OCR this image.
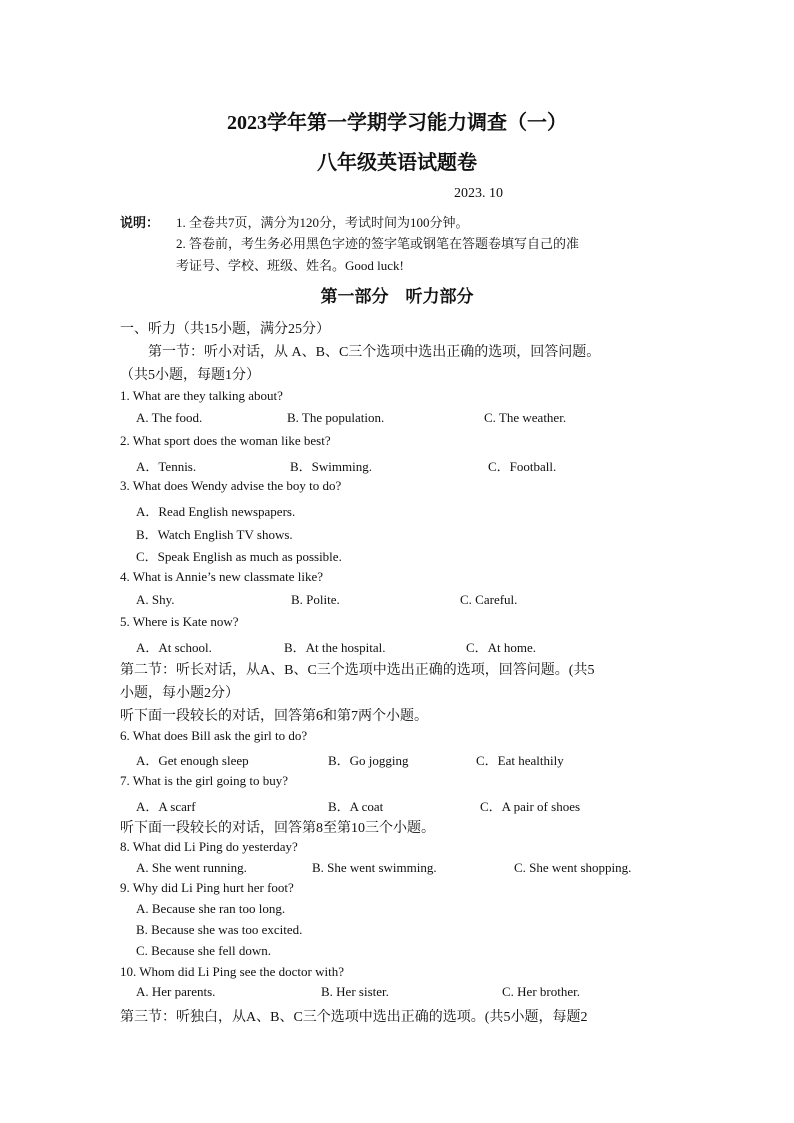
2023学年第一学期学习能力调查（一）
八年级英语试题卷
2023. 10
说明： 1. 全卷共7页，满分为120分，考试时间为100分钟。
2. 答卷前，考生务必用黑色字迹的签字笔或钢笔在答题卷填写自己的准
考证号、学校、班级、姓名。Good luck!
第一部分　听力部分
一、听力（共15小题，满分25分）
第一节：听小对话，从 A、B、C三个选项中选出正确的选项，回答问题。
（共5小题，每题1分）
1. What are they talking about?
A. The food.	B. The population.	C. The weather.
2. What sport does the woman like best?
A．Tennis.	B．Swimming.	C．Football.
3. What does Wendy advise the boy to do?
A．Read English newspapers.
B．Watch English TV shows.
C．Speak English as much as possible.
4. What is Annie’s new classmate like?
A. Shy.	B. Polite.	C. Careful.
5. Where is Kate now?
A．At school.	B．At the hospital.	C．At home.
第二节：听长对话，从A、B、C三个选项中选出正确的选项，回答问题。(共5
小题，每小题2分）
听下面一段较长的对话，回答第6和第7两个小题。
6. What does Bill ask the girl to do?
A．Get enough sleep	B．Go jogging	C．Eat healthily
7. What is the girl going to buy?
A．A scarf	B．A coat	C．A pair of shoes
听下面一段较长的对话，回答第8至第10三个小题。
8. What did Li Ping do yesterday?
A. She went running.	B. She went swimming.	C. She went shopping.
9. Why did Li Ping hurt her foot?
A. Because she ran too long.
B. Because she was too excited.
C. Because she fell down.
10. Whom did Li Ping see the doctor with?
A. Her parents.	B. Her sister.	C. Her brother.
第三节：听独白，从A、B、C三个选项中选出正确的选项。(共5小题，每题2
